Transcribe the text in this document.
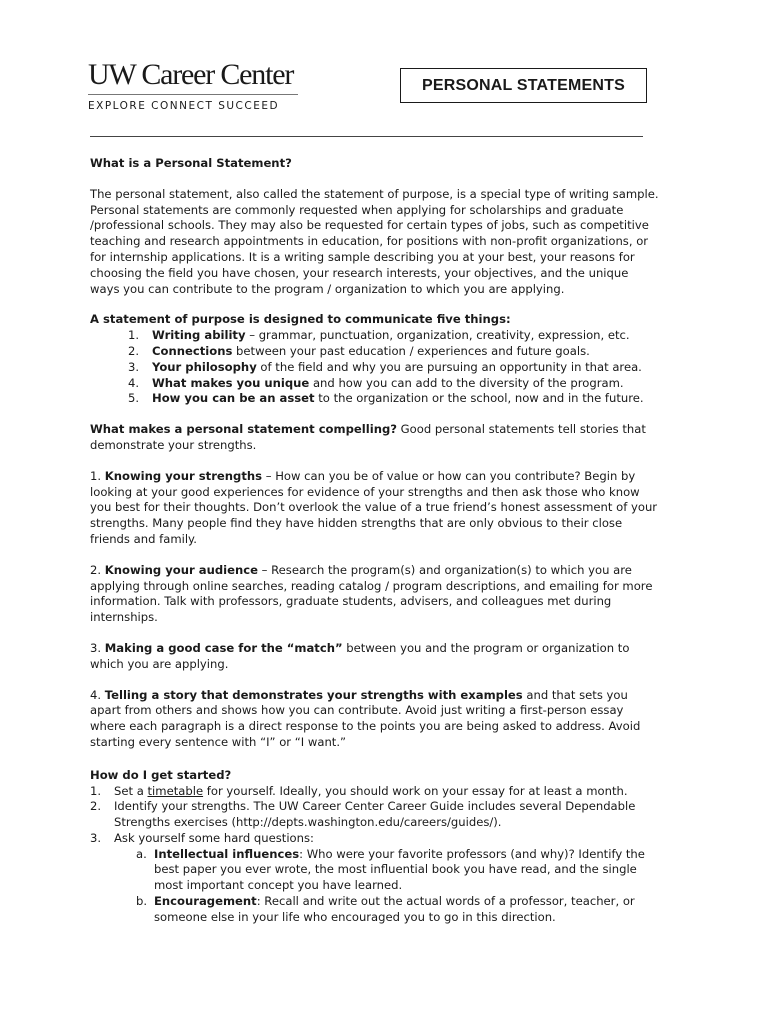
UW Career Center
EXPLORE CONNECT SUCCEED
PERSONAL STATEMENTS

What is a Personal Statement?

The personal statement, also called the statement of purpose, is a special type of writing sample. Personal statements are commonly requested when applying for scholarships and graduate /professional schools. They may also be requested for certain types of jobs, such as competitive teaching and research appointments in education, for positions with non-profit organizations, or for internship applications. It is a writing sample describing you at your best, your reasons for choosing the field you have chosen, your research interests, your objectives, and the unique ways you can contribute to the program / organization to which you are applying.

A statement of purpose is designed to communicate five things:

1.	Writing ability – grammar, punctuation, organization, creativity, expression, etc.
2.	Connections between your past education / experiences and future goals.
3.	Your philosophy of the field and why you are pursuing an opportunity in that area.
4.	What makes you unique and how you can add to the diversity of the program.
5.	How you can be an asset to the organization or the school, now and in the future.

What makes a personal statement compelling? Good personal statements tell stories that demonstrate your strengths.

1. Knowing your strengths – How can you be of value or how can you contribute? Begin by looking at your good experiences for evidence of your strengths and then ask those who know you best for their thoughts. Don’t overlook the value of a true friend’s honest assessment of your strengths. Many people find they have hidden strengths that are only obvious to their close friends and family.

2. Knowing your audience – Research the program(s) and organization(s) to which you are applying through online searches, reading catalog / program descriptions, and emailing for more information. Talk with professors, graduate students, advisers, and colleagues met during internships.

3. Making a good case for the “match” between you and the program or organization to which you are applying.

4. Telling a story that demonstrates your strengths with examples and that sets you apart from others and shows how you can contribute. Avoid just writing a first-person essay where each paragraph is a direct response to the points you are being asked to address. Avoid starting every sentence with “I” or “I want.”

How do I get started?

1.	Set a timetable for yourself. Ideally, you should work on your essay for at least a month.
2.	Identify your strengths. The UW Career Center Career Guide includes several Dependable Strengths exercises (http://depts.washington.edu/careers/guides/).
3.	Ask yourself some hard questions:
a. Intellectual influences: Who were your favorite professors (and why)? Identify the best paper you ever wrote, the most influential book you have read, and the single most important concept you have learned.
b. Encouragement: Recall and write out the actual words of a professor, teacher, or someone else in your life who encouraged you to go in this direction.
